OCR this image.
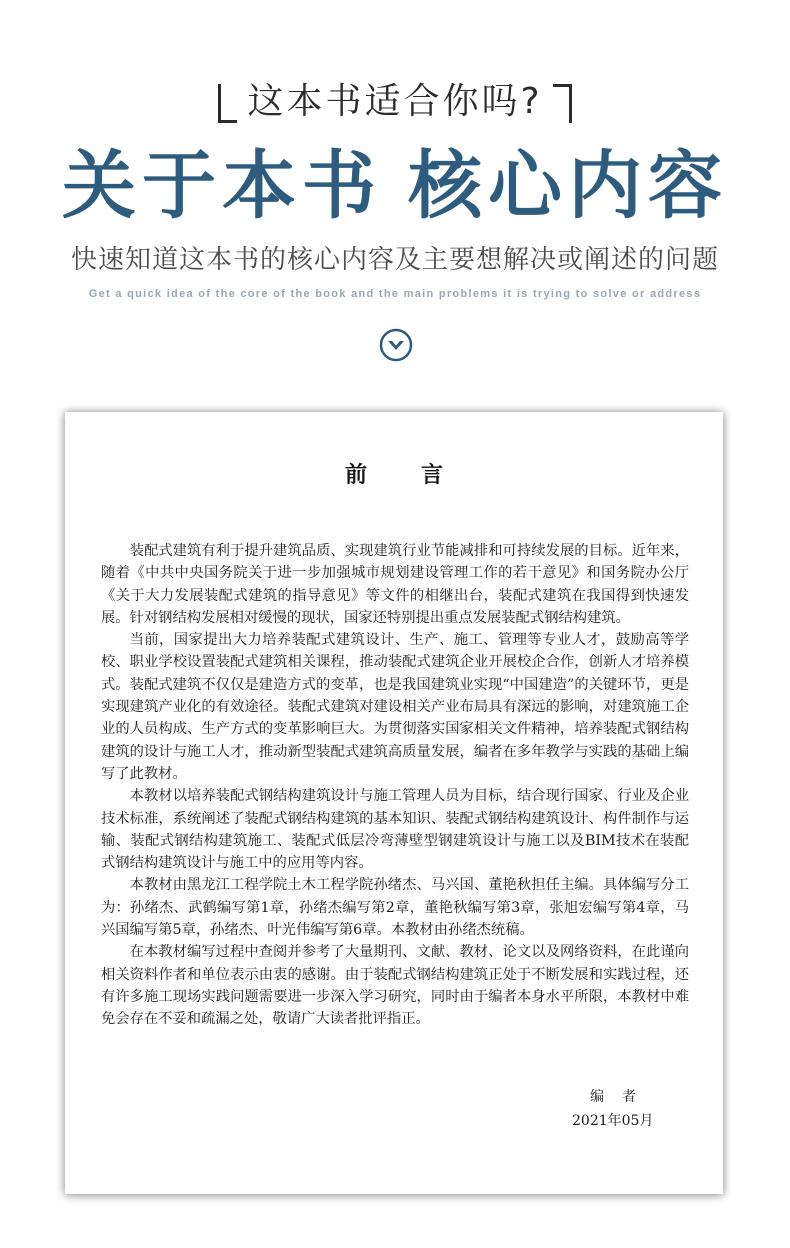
这本书适合你吗?
关于本书 核心内容
快速知道这本书的核心内容及主要想解决或阐述的问题
Get a quick idea of the core of the book and the main problems it is trying to solve or address
前言

装配式建筑有利于提升建筑品质、实现建筑行业节能减排和可持续发展的目标。近年来，随着《中共中央国务院关于进一步加强城市规划建设管理工作的若干意见》和国务院办公厅《关于大力发展装配式建筑的指导意见》等文件的相继出台，装配式建筑在我国得到快速发展。针对钢结构发展相对缓慢的现状，国家还特别提出重点发展装配式钢结构建筑。

当前，国家提出大力培养装配式建筑设计、生产、施工、管理等专业人才，鼓励高等学校、职业学校设置装配式建筑相关课程，推动装配式建筑企业开展校企合作，创新人才培养模式。装配式建筑不仅仅是建造方式的变革，也是我国建筑业实现“中国建造”的关键环节，更是实现建筑产业化的有效途径。装配式建筑对建设相关产业布局具有深远的影响，对建筑施工企业的人员构成、生产方式的变革影响巨大。为贯彻落实国家相关文件精神，培养装配式钢结构建筑的设计与施工人才，推动新型装配式建筑高质量发展，编者在多年教学与实践的基础上编写了此教材。

本教材以培养装配式钢结构建筑设计与施工管理人员为目标，结合现行国家、行业及企业技术标准，系统阐述了装配式钢结构建筑的基本知识、装配式钢结构建筑设计、构件制作与运输、装配式钢结构建筑施工、装配式低层冷弯薄壁型钢建筑设计与施工以及BIM技术在装配式钢结构建筑设计与施工中的应用等内容。

本教材由黑龙江工程学院土木工程学院孙绪杰、马兴国、董艳秋担任主编。具体编写分工为：孙绪杰、武鹤编写第1章，孙绪杰编写第2章，董艳秋编写第3章，张旭宏编写第4章，马兴国编写第5章，孙绪杰、叶光伟编写第6章。本教材由孙绪杰统稿。

在本教材编写过程中查阅并参考了大量期刊、文献、教材、论文以及网络资料，在此谨向相关资料作者和单位表示由衷的感谢。由于装配式钢结构建筑正处于不断发展和实践过程，还有许多施工现场实践问题需要进一步深入学习研究，同时由于编者本身水平所限，本教材中难免会存在不妥和疏漏之处，敬请广大读者批评指正。

编者
2021年05月
